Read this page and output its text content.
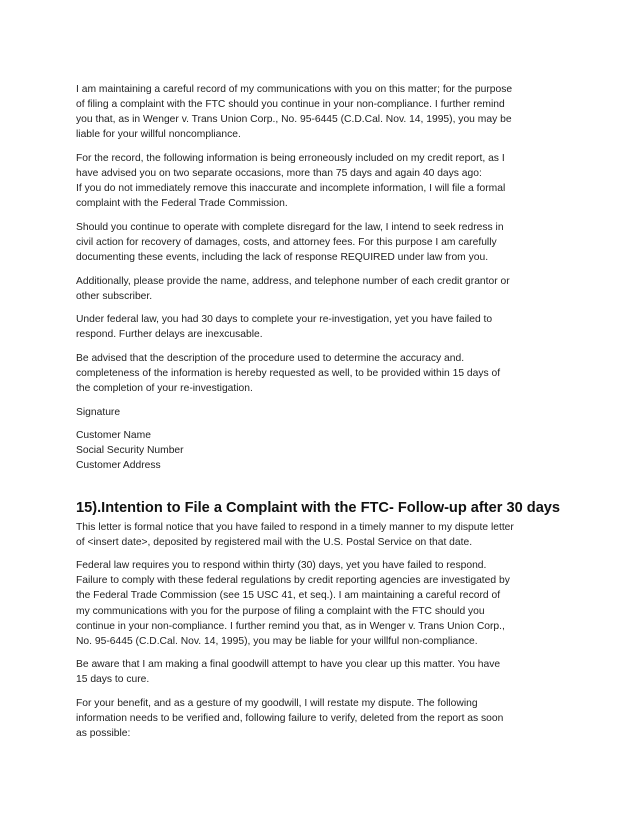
I am maintaining a careful record of my communications with you on this matter; for the purpose
of filing a complaint with the FTC should you continue in your non-compliance. I further remind
you that, as in Wenger v. Trans Union Corp., No. 95-6445 (C.D.Cal. Nov. 14, 1995), you may be
liable for your willful noncompliance.

For the record, the following information is being erroneously included on my credit report, as I
have advised you on two separate occasions, more than 75 days and again 40 days ago:
If you do not immediately remove this inaccurate and incomplete information, I will file a formal
complaint with the Federal Trade Commission.

Should you continue to operate with complete disregard for the law, I intend to seek redress in
civil action for recovery of damages, costs, and attorney fees. For this purpose I am carefully
documenting these events, including the lack of response REQUIRED under law from you.

Additionally, please provide the name, address, and telephone number of each credit grantor or
other subscriber.

Under federal law, you had 30 days to complete your re-investigation, yet you have failed to
respond. Further delays are inexcusable.

Be advised that the description of the procedure used to determine the accuracy and.
completeness of the information is hereby requested as well, to be provided within 15 days of
the completion of your re-investigation.

Signature

Customer Name
Social Security Number
Customer Address

15).Intention to File a Complaint with the FTC- Follow-up after 30 days

This letter is formal notice that you have failed to respond in a timely manner to my dispute letter
of <insert date>, deposited by registered mail with the U.S. Postal Service on that date.

Federal law requires you to respond within thirty (30) days, yet you have failed to respond.
Failure to comply with these federal regulations by credit reporting agencies are investigated by
the Federal Trade Commission (see 15 USC 41, et seq.). I am maintaining a careful record of
my communications with you for the purpose of filing a complaint with the FTC should you
continue in your non-compliance. I further remind you that, as in Wenger v. Trans Union Corp.,
No. 95-6445 (C.D.Cal. Nov. 14, 1995), you may be liable for your willful non-compliance.

Be aware that I am making a final goodwill attempt to have you clear up this matter. You have
15 days to cure.

For your benefit, and as a gesture of my goodwill, I will restate my dispute. The following
information needs to be verified and, following failure to verify, deleted from the report as soon
as possible:
